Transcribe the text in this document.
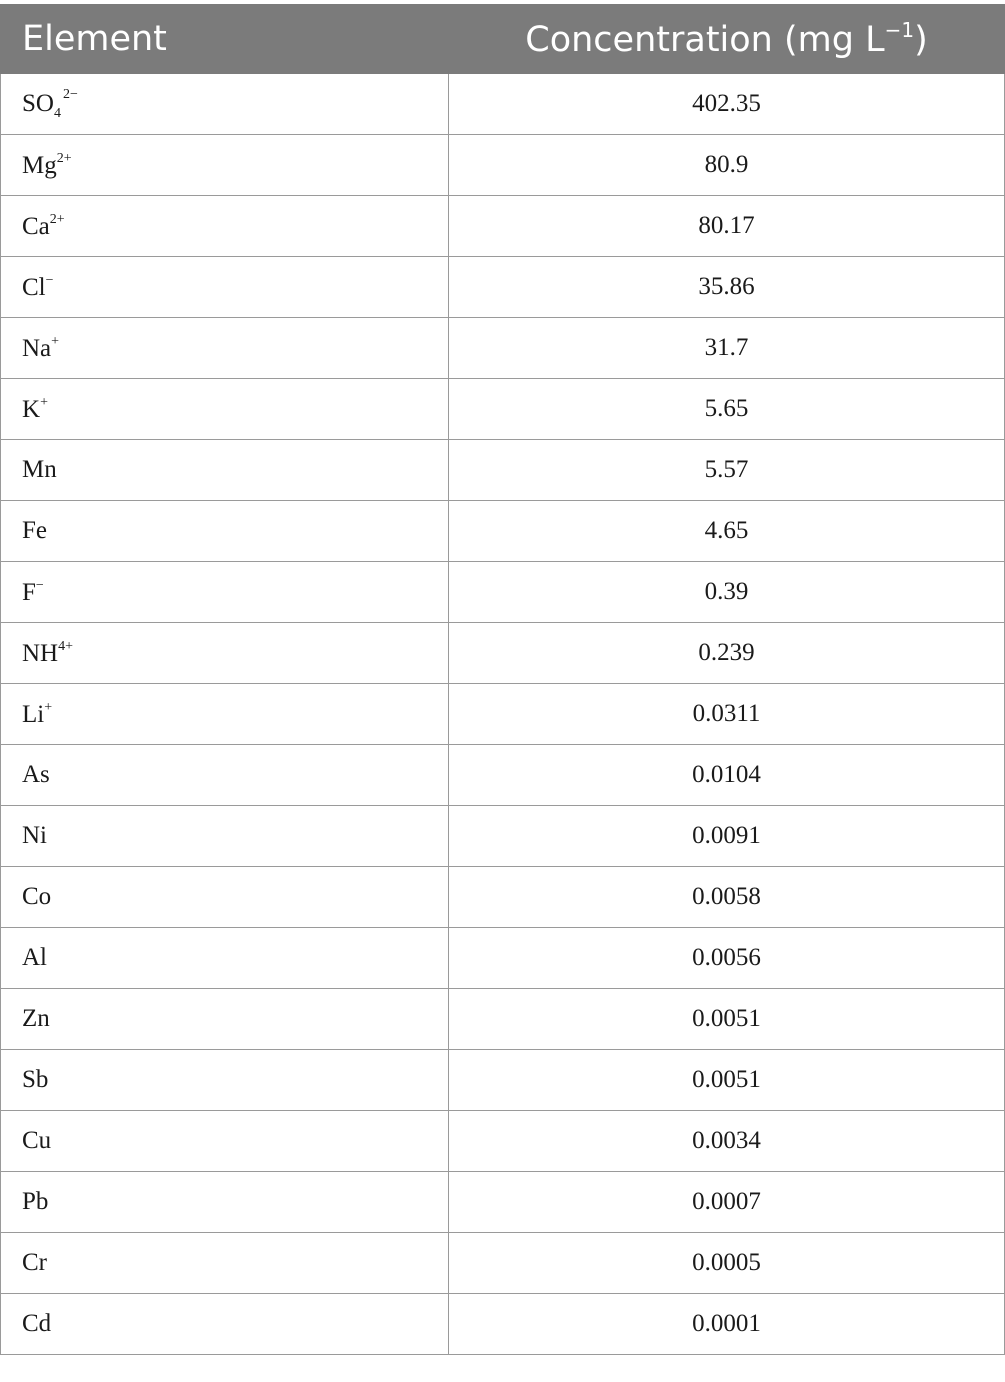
Element	Concentration (mg $L^{-1}$)
$SO_4^{2-}$	402.35
$Mg^{2+}$	80.9
$Ca^{2+}$	80.17
Cl−	35.86
Na+	31.7
K+	5.65
Mn	5.57
Fe	4.65
F−	0.39
$NH^{4+}$	0.239
Li+	0.0311
As	0.0104
Ni	0.0091
Co	0.0058
Al	0.0056
Zn	0.0051
Sb	0.0051
Cu	0.0034
Pb	0.0007
Cr	0.0005
Cd	0.0001
